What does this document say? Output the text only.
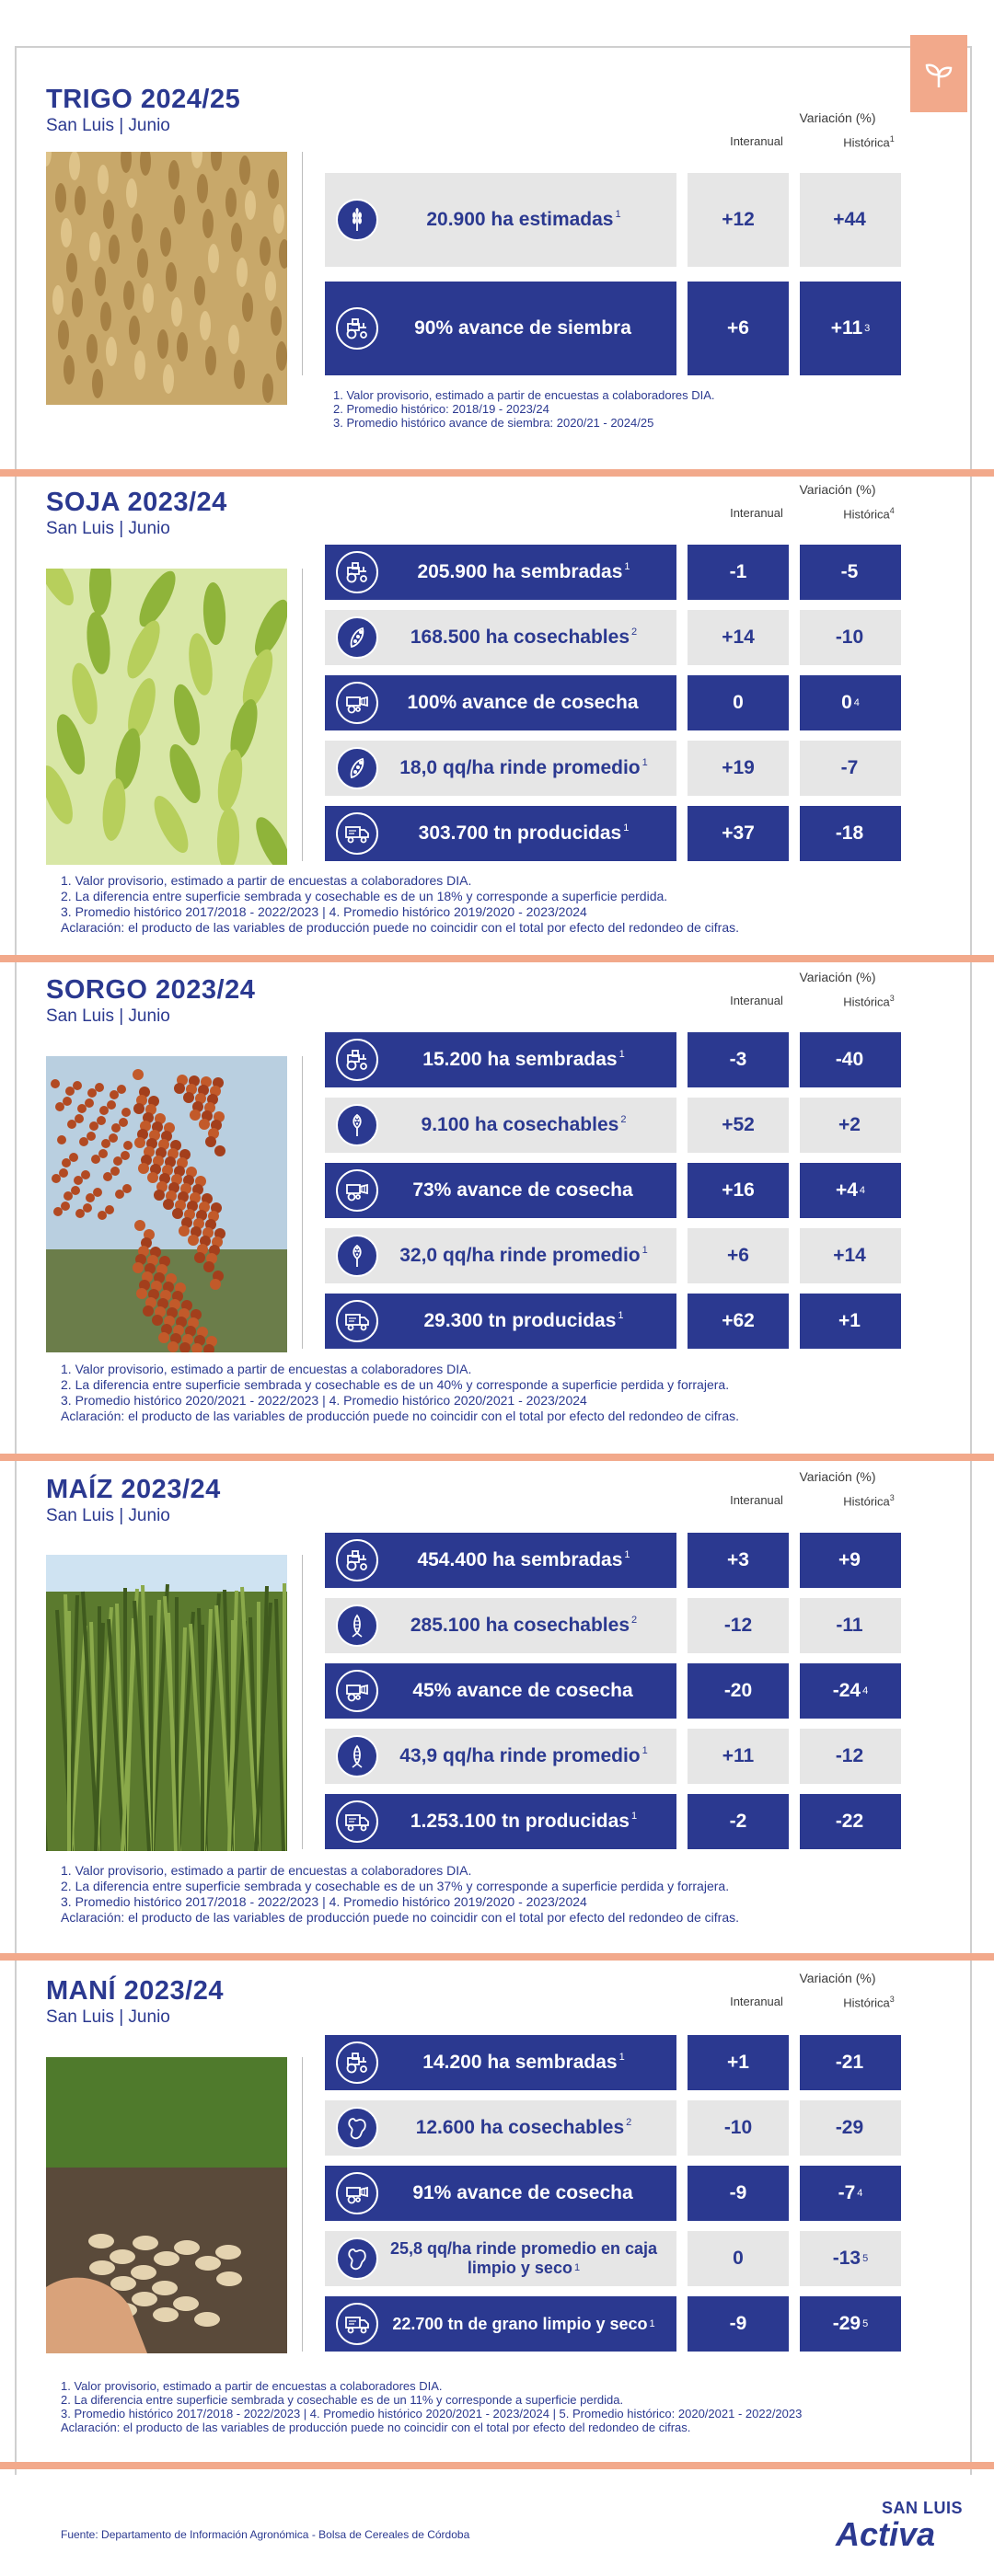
TRIGO 2024/25
San Luis | Junio	Variación (%)
Interanual	Histórica$^1$
20.900 ha estimadas $^1$	+12	+44
90% avance de siembra	+6	+11 3
1. Valor provisorio, estimado a partir de encuestas a colaboradores DIA.
2. Promedio histórico: 2018/19 - 2023/24
3. Promedio histórico avance de siembra: 2020/21 - 2024/25
SOJA 2023/24
San Luis | Junio
Variación (%)
Interanual	Histórica$^4$
205.900 ha sembradas $^1$	-1	-5
168.500 ha cosechables $^2$	+14	-10
100% avance de cosecha	0	0 4
18,0 qq/ha rinde promedio $^1$	+19	-7
303.700 tn producidas $^1$	+37	-18
1. Valor provisorio, estimado a partir de encuestas a colaboradores DIA.
2. La diferencia entre superficie sembrada y cosechable es de un 18% y corresponde a superficie perdida.
3. Promedio histórico 2017/2018 - 2022/2023 | 4. Promedio histórico 2019/2020 - 2023/2024
Aclaración: el producto de las variables de producción puede no coincidir con el total por efecto del redondeo de cifras.
SORGO 2023/24
San Luis | Junio
Variación (%)
Interanual	Histórica$^3$
15.200 ha sembradas $^1$	-3	-40
9.100 ha cosechables $^2$	+52	+2
73% avance de cosecha	+16	+4 4
32,0 qq/ha rinde promedio $^1$	+6	+14
29.300 tn producidas $^1$	+62	+1
1. Valor provisorio, estimado a partir de encuestas a colaboradores DIA.
2. La diferencia entre superficie sembrada y cosechable es de un 40% y corresponde a superficie perdida y forrajera.
3. Promedio histórico 2020/2021 - 2022/2023 | 4. Promedio histórico 2020/2021 - 2023/2024
Aclaración: el producto de las variables de producción puede no coincidir con el total por efecto del redondeo de cifras.
MAÍZ 2023/24
San Luis | Junio
Variación (%)
Interanual	Histórica$^3$
454.400 ha sembradas $^1$	+3	+9
285.100 ha cosechables $^2$	-12	-11
45% avance de cosecha	-20	-24 4
43,9 qq/ha rinde promedio $^1$	+11	-12
1.253.100 tn producidas $^1$	-2	-22
1. Valor provisorio, estimado a partir de encuestas a colaboradores DIA.
2. La diferencia entre superficie sembrada y cosechable es de un 37% y corresponde a superficie perdida y forrajera.
3. Promedio histórico 2017/2018 - 2022/2023 | 4. Promedio histórico 2019/2020 - 2023/2024
Aclaración: el producto de las variables de producción puede no coincidir con el total por efecto del redondeo de cifras.
MANÍ 2023/24
San Luis | Junio
Variación (%)
Interanual	Histórica$^3$
14.200 ha sembradas $^1$	+1	-21
12.600 ha cosechables $^2$	-10	-29
91% avance de cosecha	-9	-7 4
25,8 qq/ha rinde promedio en caja limpio y seco $^1$	0	-13 5
22.700 tn de grano limpio y seco $^1$	-9	-29 5
1. Valor provisorio, estimado a partir de encuestas a colaboradores DIA.
2. La diferencia entre superficie sembrada y cosechable es de un 11% y corresponde a superficie perdida.
3. Promedio histórico 2017/2018 - 2022/2023 | 4. Promedio histórico 2020/2021 - 2023/2024 | 5. Promedio histórico: 2020/2021 - 2022/2023
Aclaración: el producto de las variables de producción puede no coincidir con el total por efecto del redondeo de cifras.
Fuente: Departamento de Información Agronómica - Bolsa de Cereales de Córdoba
SAN LUIS
Activa
